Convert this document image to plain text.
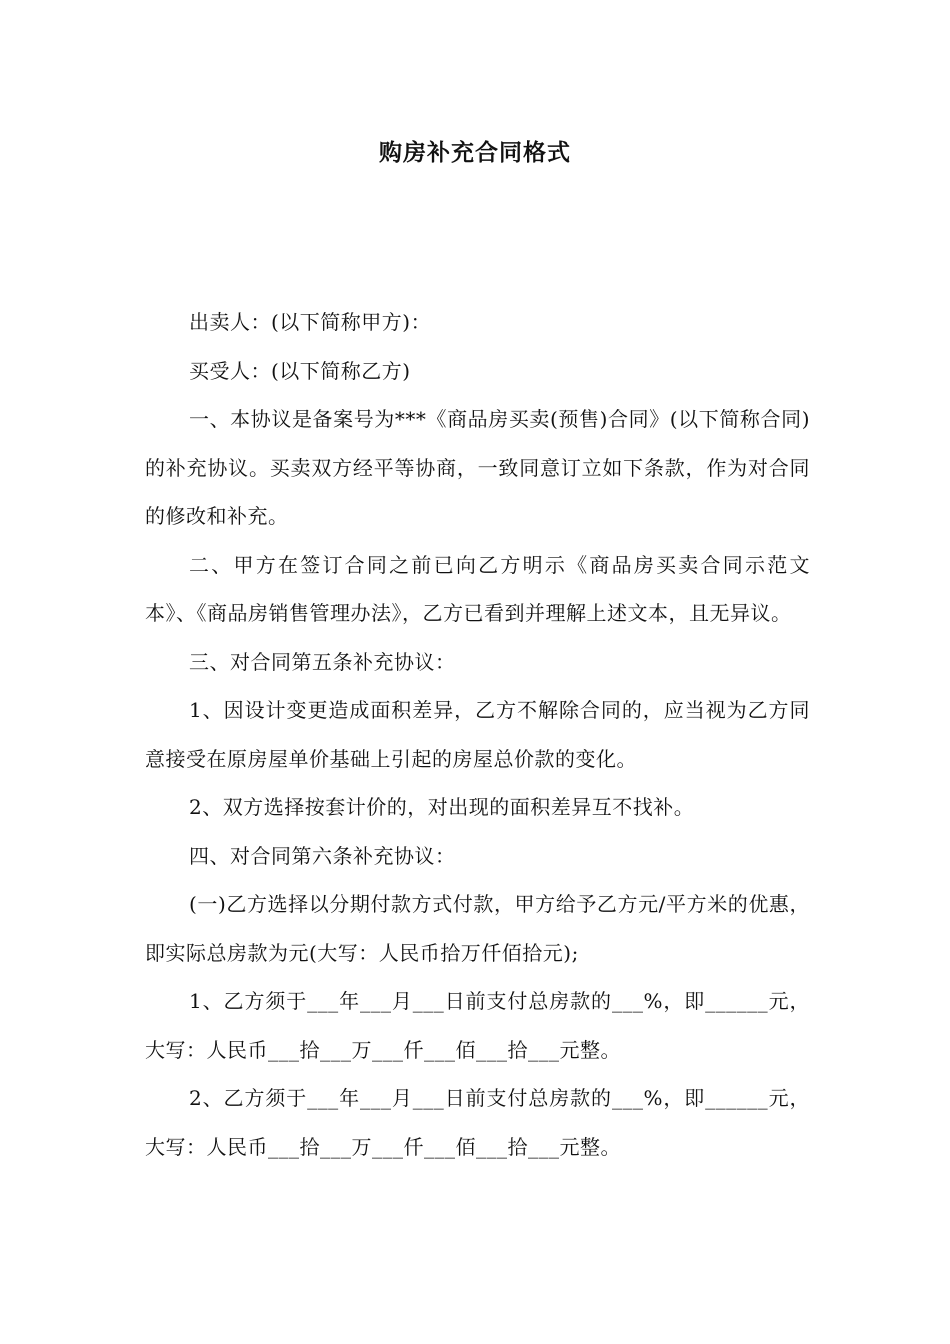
购房补充合同格式

出卖人：(以下简称甲方)：

买受人：(以下简称乙方)

一、本协议是备案号为***《商品房买卖(预售)合同》(以下简称合同)的补充协议。买卖双方经平等协商，一致同意订立如下条款，作为对合同的修改和补充。

二、甲方在签订合同之前已向乙方明示《商品房买卖合同示范文本》、《商品房销售管理办法》，乙方已看到并理解上述文本，且无异议。

三、对合同第五条补充协议：

1、因设计变更造成面积差异，乙方不解除合同的，应当视为乙方同意接受在原房屋单价基础上引起的房屋总价款的变化。

2、双方选择按套计价的，对出现的面积差异互不找补。

四、对合同第六条补充协议：

(一)乙方选择以分期付款方式付款，甲方给予乙方元/平方米的优惠，即实际总房款为元(大写：人民币拾万仟佰拾元);

1、乙方须于___年___月___日前支付总房款的___%，即______元，大写：人民币___拾___万___仟___佰___拾___元整。

2、乙方须于___年___月___日前支付总房款的___%，即______元，大写：人民币___拾___万___仟___佰___拾___元整。
